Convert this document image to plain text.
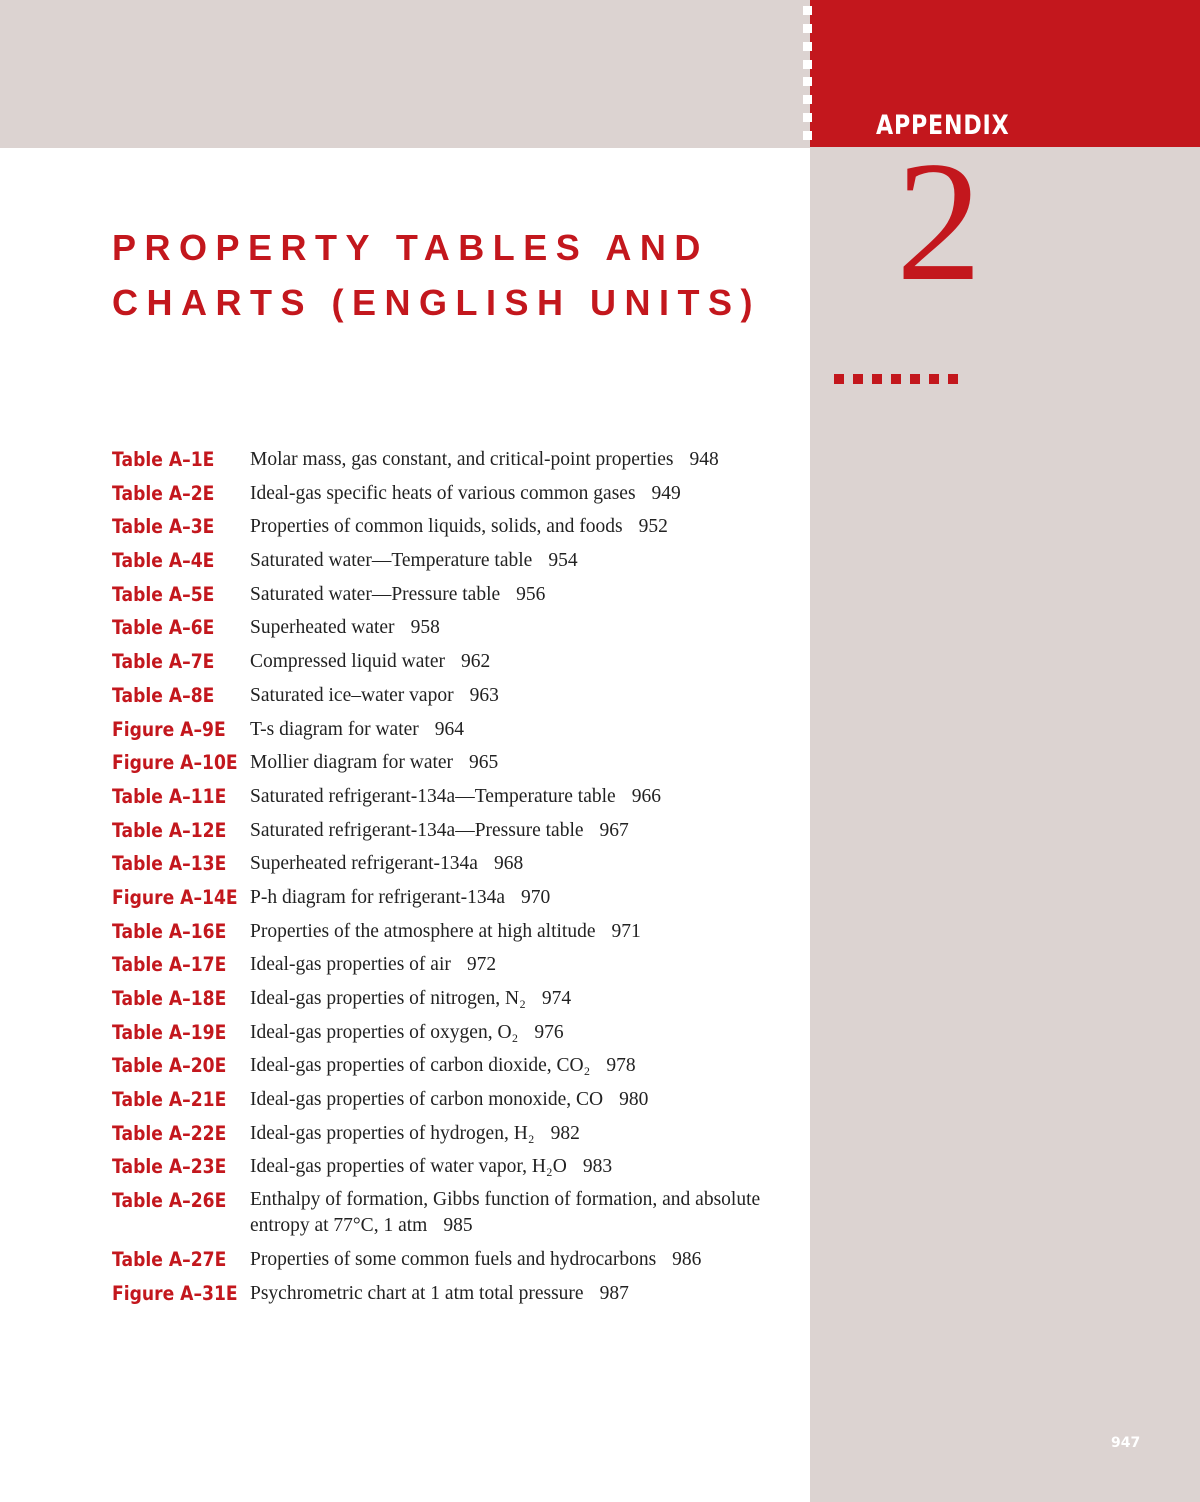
APPENDIX
2
PROPERTY TABLES AND
CHARTS (ENGLISH UNITS)
Table A–1E Molar mass, gas constant, and critical-point properties 948
Table A–2E Ideal-gas specific heats of various common gases 949
Table A–3E Properties of common liquids, solids, and foods 952
Table A–4E Saturated water—Temperature table 954
Table A–5E Saturated water—Pressure table 956
Table A–6E Superheated water 958
Table A–7E Compressed liquid water 962
Table A–8E Saturated ice–water vapor 963
Figure A–9E T-s diagram for water 964
Figure A–10E Mollier diagram for water 965
Table A–11E Saturated refrigerant-134a—Temperature table 966
Table A–12E Saturated refrigerant-134a—Pressure table 967
Table A–13E Superheated refrigerant-134a 968
Figure A–14E P-h diagram for refrigerant-134a 970
Table A–16E Properties of the atmosphere at high altitude 971
Table A–17E Ideal-gas properties of air 972
Table A–18E Ideal-gas properties of nitrogen, N₂ 974
Table A–19E Ideal-gas properties of oxygen, O₂ 976
Table A–20E Ideal-gas properties of carbon dioxide, CO₂ 978
Table A–21E Ideal-gas properties of carbon monoxide, CO 980
Table A–22E Ideal-gas properties of hydrogen, H₂ 982
Table A–23E Ideal-gas properties of water vapor, H₂O 983
Table A–26E Enthalpy of formation, Gibbs function of formation, and absolute entropy at 77°C, 1 atm 985
Table A–27E Properties of some common fuels and hydrocarbons 986
Figure A–31E Psychrometric chart at 1 atm total pressure 987
947
